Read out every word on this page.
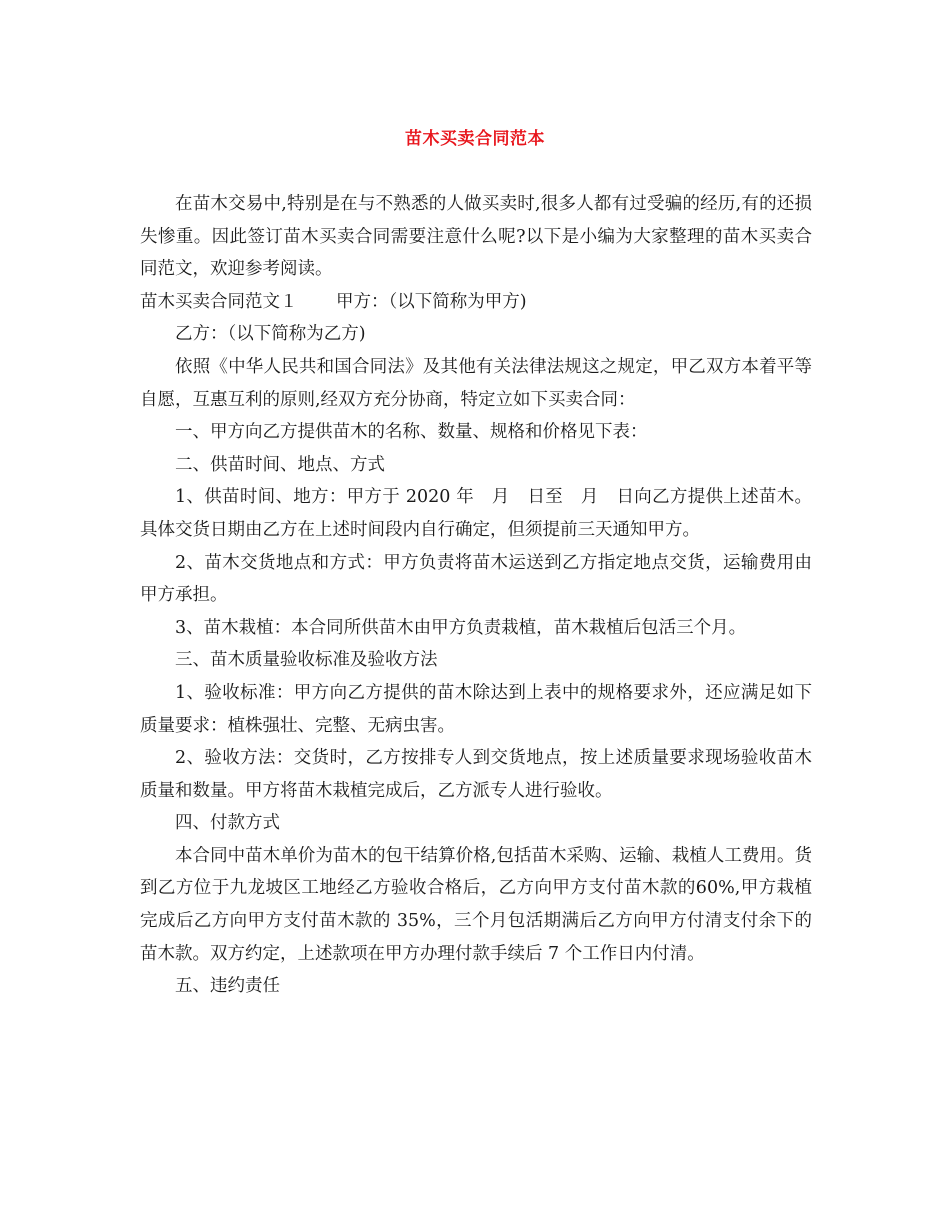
苗木买卖合同范本

在苗木交易中,特别是在与不熟悉的人做买卖时,很多人都有过受骗的经历,有的还损失惨重。因此签订苗木买卖合同需要注意什么呢?以下是小编为大家整理的苗木买卖合同范文，欢迎参考阅读。

苗木买卖合同范文１ 甲方：（以下简称为甲方)

乙方：（以下简称为乙方)

依照《中华人民共和国合同法》及其他有关法律法规这之规定，甲乙双方本着平等自愿，互惠互利的原则,经双方充分协商，特定立如下买卖合同：

一、甲方向乙方提供苗木的名称、数量、规格和价格见下表：

二、供苗时间、地点、方式

1、供苗时间、地方：甲方于 2020 年　月　日至　月　日向乙方提供上述苗木。具体交货日期由乙方在上述时间段内自行确定，但须提前三天通知甲方。

2、苗木交货地点和方式：甲方负责将苗木运送到乙方指定地点交货，运输费用由甲方承担。

3、苗木栽植：本合同所供苗木由甲方负责栽植，苗木栽植后包活三个月。

三、苗木质量验收标准及验收方法

1、验收标准：甲方向乙方提供的苗木除达到上表中的规格要求外，还应满足如下质量要求：植株强壮、完整、无病虫害。

2、验收方法：交货时，乙方按排专人到交货地点，按上述质量要求现场验收苗木质量和数量。甲方将苗木栽植完成后，乙方派专人进行验收。

四、付款方式

本合同中苗木单价为苗木的包干结算价格,包括苗木采购、运输、栽植人工费用。货到乙方位于九龙坡区工地经乙方验收合格后，乙方向甲方支付苗木款的60%,甲方栽植完成后乙方向甲方支付苗木款的 35%，三个月包活期满后乙方向甲方付清支付余下的苗木款。双方约定，上述款项在甲方办理付款手续后 7 个工作日内付清。

五、违约责任
